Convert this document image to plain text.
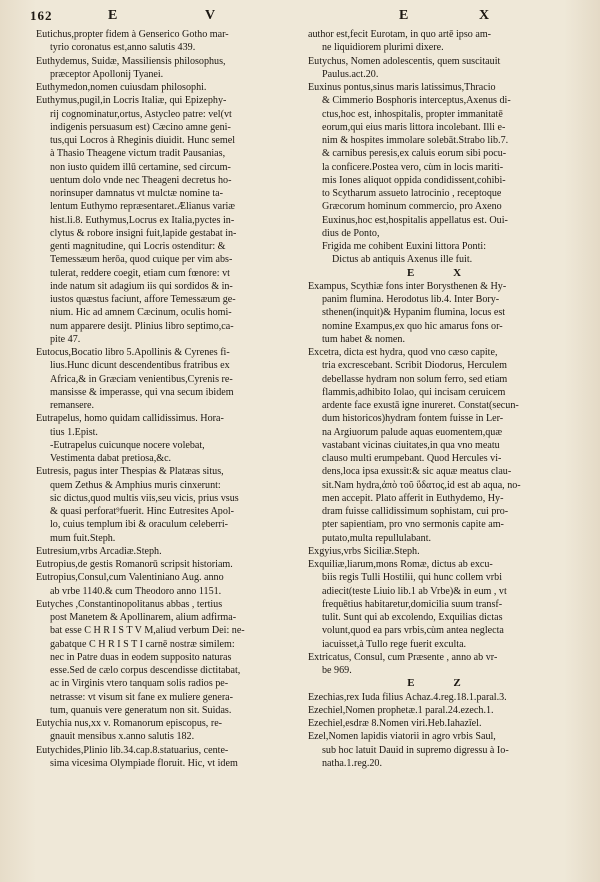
162	E	V	E	X
Eutichus,propter fidem à Genserico Gotho mar-
tyrio coronatus est,anno salutis 439.
Euthydemus, Suidæ, Massiliensis philosophus,
præceptor Apollonij Tyanei.
Euthymedon,nomen cuiusdam philosophi.
Euthymus,pugil,in Locris Italiæ, qui Epizephy-
rij cognominatur,ortus, Astycleo patre: vel(vt
indigenis persuasum est) Cæcino amne geni-
tus,qui Locros à Rheginis diuidit. Hunc semel
à Thasio Theagene victum tradit Pausanias,
non iusto quidem illū certamine, sed circum-
uentum dolo vnde nec Theageni decretus ho-
norinsuper damnatus vt mulctæ nomine ta-
lentum Euthymo repræsentaret.Ælianus variæ
hist.li.8. Euthymus,Locrus ex Italia,pyctes in-
clytus & robore insigni fuit,lapide gestabat in-
genti magnitudine, qui Locris ostenditur: &
Temessæum herōa, quod cuique per vim abs-
tulerat, reddere coegit, etiam cum fœnore: vt
inde natum sit adagium iis qui sordidos & in-
iustos quæstus faciunt, affore Temessæum ge-
nium. Hic ad amnem Cæcinum, oculis homi-
num apparere desijt. Plinius libro septimo,ca-
pite 47.
Eutocus,Bocatio libro 5.Apollinis & Cyrenes fi-
lius.Hunc dicunt descendentibus fratribus ex
Africa,& in Græciam venientibus,Cyrenis re-
mansisse & imperasse, qui vna secum ibidem
remansere.
Eutrapelus, homo quidam callidissimus. Hora-
tius 1.Epist.
-Eutrapelus cuicunque nocere volebat,
Vestimenta dabat pretiosa,&c.
Eutresis, pagus inter Thespias & Platæas situs,
quem Zethus & Amphius muris cinxerunt:
sic dictus,quod multis viis,seu vicis, prius vsus
& quasi perforat⁹fuerit. Hinc Eutresites Apol-
lo, cuius templum ibi & oraculum celeberri-
mum fuit.Steph.
Eutresium,vrbs Arcadiæ.Steph.
Eutropius,de gestis Romanorū scripsit historiam.
Eutropius,Consul,cum Valentiniano Aug. anno
ab vrbe 1140.& cum Theodoro anno 1151.
Eutyches ,Constantinopolitanus abbas , tertius
post Manetem & Apollinarem, alium adfirma-
bat esse C H R I S T V M,aliud verbum Dei: ne-
gabatque C H R I S T I carnē nostræ similem:
nec in Patre duas in eodem supposito naturas
esse.Sed de cælo corpus descendisse dictitabat,
ac in Virginis vtero tanquam solis radios pe-
netrasse: vt visum sit fane ex muliere genera-
tum, quanuis vere generatum non sit. Suidas.
Eutychia nus,xx v. Romanorum episcopus, re-
gnauit mensibus x.anno salutis 182.
Eutychides,Plinio lib.34.cap.8.statuarius, cente-
sima vicesima Olympiade floruit. Hic, vt idem
author est,fecit Eurotam, in quo artē ipso am-
ne liquidiorem plurimi dixere.
Eutychus, Nomen adolescentis, quem suscitauit
Paulus.act.20.
Euxinus pontus,sinus maris latissimus,Thracio
& Cimmerio Bosphoris interceptus,Axenus di-
ctus,hoc est, inhospitalis, propter immanitatē
eorum,qui eius maris littora incolebant. Illi e-
nim & hospites immolare solebāt.Strabo lib.7.
& carnibus peresis,ex caluis eorum sibi pocu-
la conficere.Postea vero, cùm in locis mariti-
mis Iones aliquot oppida condidissent,cohibi-
to Scytharum assueto latrocinio , receptoque
Græcorum hominum commercio, pro Axeno
Euxinus,hoc est,hospitalis appellatus est. Oui-
dius de Ponto,
Frigida me cohibent Euxini littora Ponti:
Dictus ab antiquis Axenus ille fuit.
E X
Exampus, Scythiæ fons inter Borysthenen & Hy-
panim flumina. Herodotus lib.4. Inter Bory-
sthenen(inquit)& Hypanim flumina, locus est
nomine Exampus,ex quo hic amarus fons or-
tum habet & nomen.
Excetra, dicta est hydra, quod vno cæso capite,
tria excrescebant. Scribit Diodorus, Herculem
debellasse hydram non solum ferro, sed etiam
flammis,adhibito Iolao, qui incisam ceruicem
ardente face exustā igne inureret. Constat(secun-
dum historicos)hydram fontem fuisse in Ler-
na Argiuorum palude aquas euomentem,quæ
vastabant vicinas ciuitates,in qua vno meatu
clauso multi erumpebant. Quod Hercules vi-
dens,loca ipsa exussit:& sic aquæ meatus clau-
sit.Nam hydra,ἀπὸ τοῦ ὕδατος,id est ab aqua, no-
men accepit. Plato afferit in Euthydemo, Hy-
dram fuisse callidissimum sophistam, cui pro-
pter sapientiam, pro vno sermonis capite am-
putato,multa repullulabant.
Exgyius,vrbs Siciliæ.Steph.
Exquiliæ,liarum,mons Romæ, dictus ab excu-
biis regis Tulli Hostilii, qui hunc collem vrbi
adiecit(teste Liuio lib.1 ab Vrbe)& in eum , vt
frequētius habitaretur,domicilia suum transf-
tulit. Sunt qui ab excolendo, Exquilias dictas
volunt,quod ea pars vrbis,cùm antea neglecta
iacuisset,à Tullo rege fuerit exculta.
Extricatus, Consul, cum Præsente , anno ab vr-
be 969.
E Z
Ezechias,rex Iuda filius Achaz.4.reg.18.1.paral.3.
Ezechiel,Nomen prophetæ.1 paral.24.ezech.1.
Ezechiel,esdræ 8.Nomen viri.Heb.Iahazīel.
Ezel,Nomen lapidis viatorii in agro vrbis Saul,
sub hoc latuit Dauid in supremo digressu à Io-
natha.1.reg.20.
